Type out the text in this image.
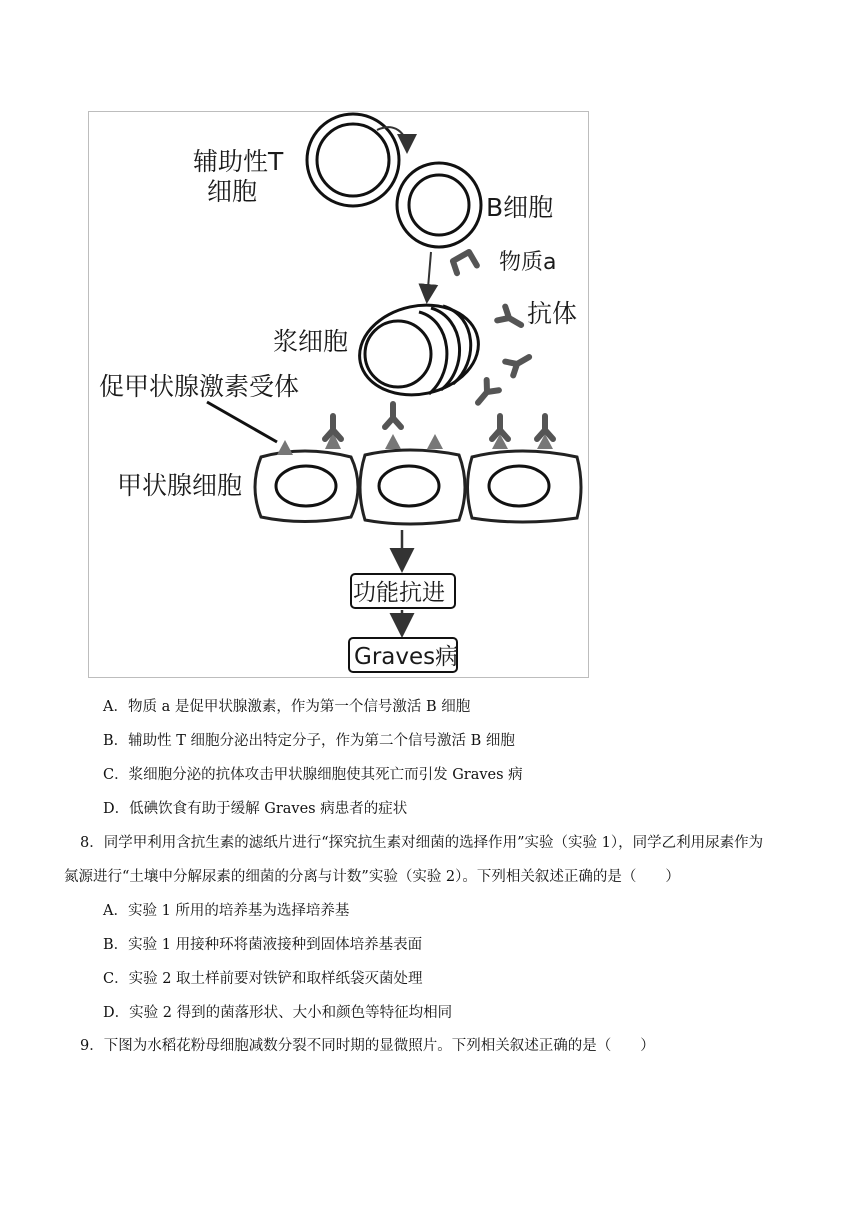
辅助性T
细胞
B细胞
物质a
浆细胞
抗体
促甲状腺激素受体
甲状腺细胞
功能抗进
Graves病
A．物质 a 是促甲状腺激素，作为第一个信号激活 B 细胞
B．辅助性 T 细胞分泌出特定分子，作为第二个信号激活 B 细胞
C．浆细胞分泌的抗体攻击甲状腺细胞使其死亡而引发 Graves 病
D．低碘饮食有助于缓解 Graves 病患者的症状
8．同学甲利用含抗生素的滤纸片进行“探究抗生素对细菌的选择作用”实验（实验 1），同学乙利用尿素作为
氮源进行“土壤中分解尿素的细菌的分离与计数”实验（实验 2）。下列相关叙述正确的是（　　）
A．实验 1 所用的培养基为选择培养基
B．实验 1 用接种环将菌液接种到固体培养基表面
C．实验 2 取土样前要对铁铲和取样纸袋灭菌处理
D．实验 2 得到的菌落形状、大小和颜色等特征均相同
9．下图为水稻花粉母细胞减数分裂不同时期的显微照片。下列相关叙述正确的是（　　）
